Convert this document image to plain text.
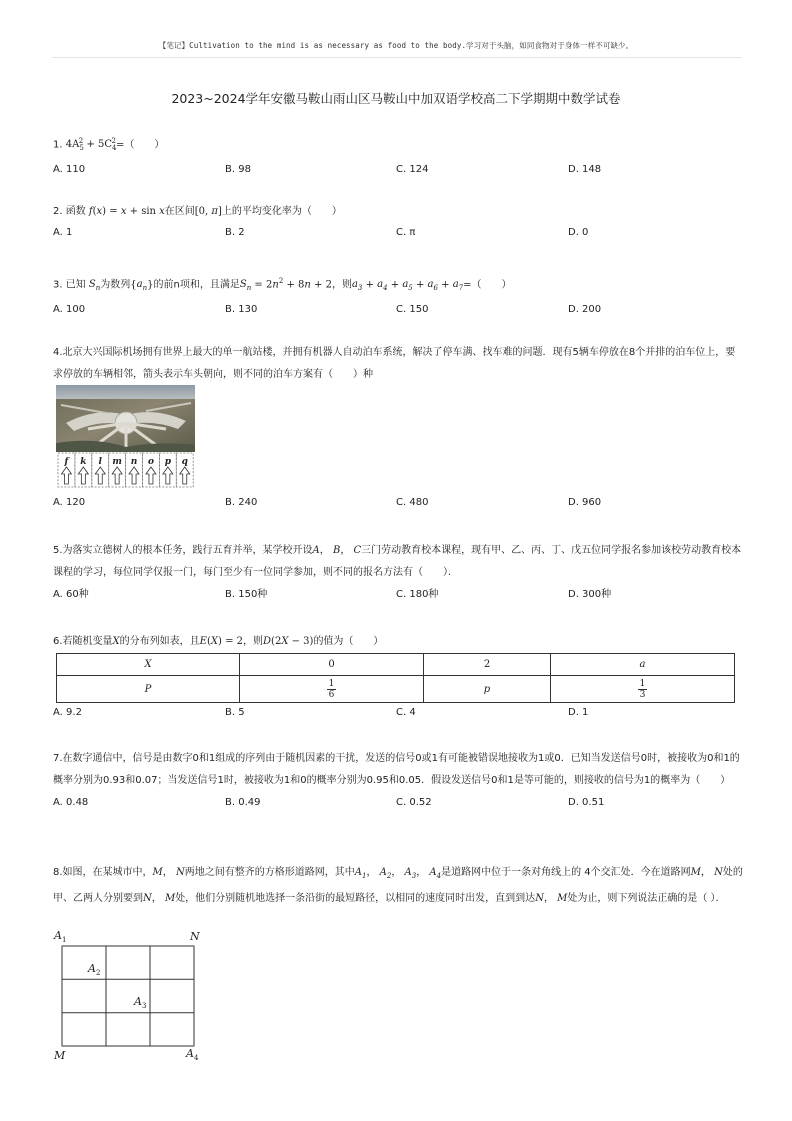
【笔记】Cultivation to the mind is as necessary as food to the body.学习对于头脑，如同食物对于身体一样不可缺少。
2023~2024学年安徽马鞍山雨山区马鞍山中加双语学校高二下学期期中数学试卷
1. $4A_5^2 + 5C_4^2=$（　　）
A. 110	B. 98	C. 124	D. 148
2. 函数 f(x) = x + sin x在区间[0, π]上的平均变化率为（　　）
A. 1	B. 2	C. π	D. 0
3. 已知 $S_n$为数列$\{a_n\}$的前n项和，且满足$S_n = 2n^2 + 8n + 2$，则$a_3 + a_4 + a_5 + a_6 + a_7=$（　　）
A. 100	B. 130	C. 150	D. 200
4.北京大兴国际机场拥有世界上最大的单一航站楼，并拥有机器人自动泊车系统，解决了停车满、找车难的问题．现有5辆车停放在8个并排的泊车位上，要求停放的车辆相邻，箭头表示车头朝向，则不同的泊车方案有（　　）种
f k l m n o p q
A. 120	B. 240	C. 480	D. 960
5.为落实立德树人的根本任务，践行五育并举，某学校开设A， B， C三门劳动教育校本课程，现有甲、乙、丙、丁、戊五位同学报名参加该校劳动教育校本课程的学习，每位同学仅报一门，每门至少有一位同学参加，则不同的报名方法有（　　）．
A. 60种	B. 150种	C. 180种	D. 300种
6.若随机变量X的分布列如表，且E(X) = 2，则D(2X − 3)的值为（　　）
X	0	2	a
P	$\frac{1}{6}$	p	$\frac{1}{3}$
A. 9.2	B. 5	C. 4	D. 1
7.在数字通信中，信号是由数字0和1组成的序列由于随机因素的干扰，发送的信号0或1有可能被错误地接收为1或0．已知当发送信号0时，被接收为0和1的概率分别为0.93和0.07；当发送信号1时，被接收为1和0的概率分别为0.95和0.05．假设发送信号0和1是等可能的，则接收的信号为1的概率为（　　）
A. 0.48	B. 0.49	C. 0.52	D. 0.51
8.如图，在某城市中，M， N两地之间有整齐的方格形道路网，其中$A_1$， $A_2$， $A_3$， $A_4$是道路网中位于一条对角线上的 4个交汇处．今在道路网M， N处的甲、乙两人分别要到N， M处，他们分别随机地选择一条沿街的最短路径，以相同的速度同时出发，直到到达N， M处为止，则下列说法正确的是（ ）．
$A_1$	N
$A_2$
$A_3$
M	$A_4$
